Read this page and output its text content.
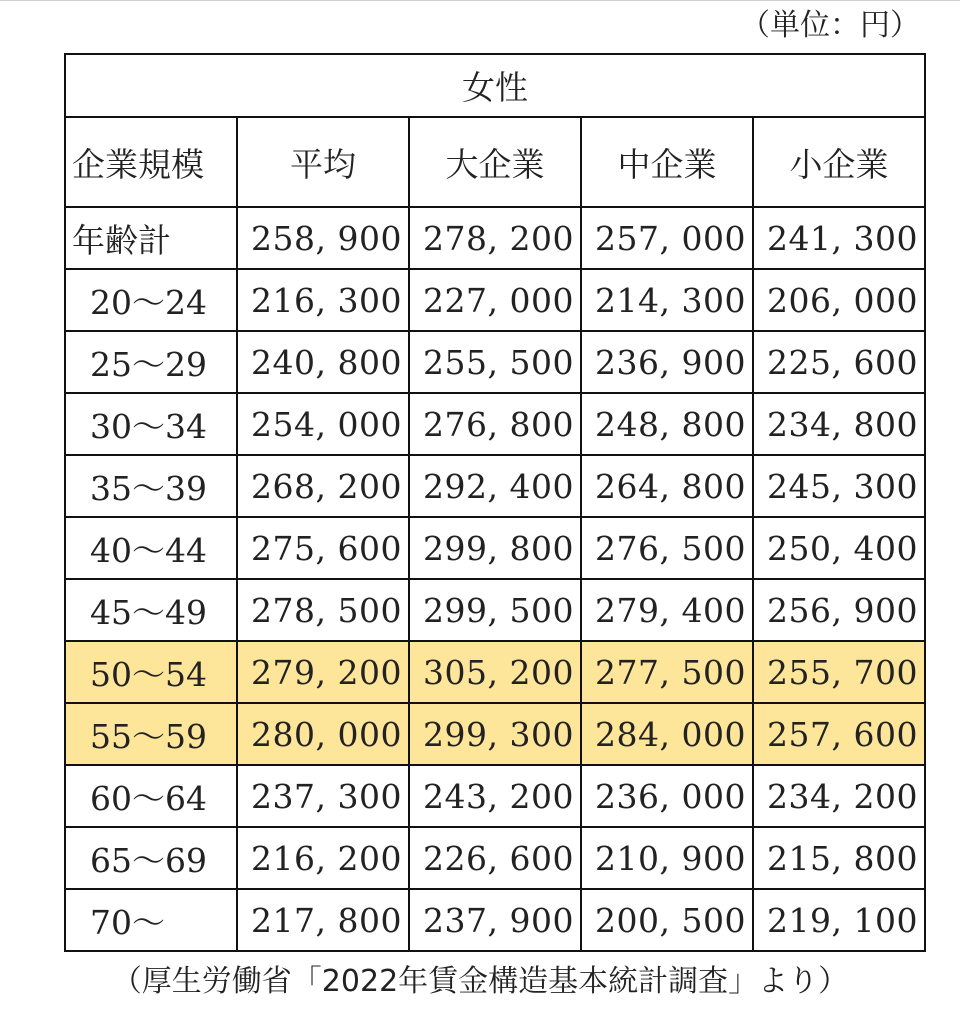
（単位：円）
女性				
企業規模	平均	大企業	中企業	小企業
年齢計	258, 900	278, 200	257, 000	241, 300
20～24	216, 300	227, 000	214, 300	206, 000
25～29	240, 800	255, 500	236, 900	225, 600
30～34	254, 000	276, 800	248, 800	234, 800
35～39	268, 200	292, 400	264, 800	245, 300
40～44	275, 600	299, 800	276, 500	250, 400
45～49	278, 500	299, 500	279, 400	256, 900
50～54	279, 200	305, 200	277, 500	255, 700
55～59	280, 000	299, 300	284, 000	257, 600
60～64	237, 300	243, 200	236, 000	234, 200
65～69	216, 200	226, 600	210, 900	215, 800
70～	217, 800	237, 900	200, 500	219, 100
（厚生労働省「2022年賃金構造基本統計調査」より）
